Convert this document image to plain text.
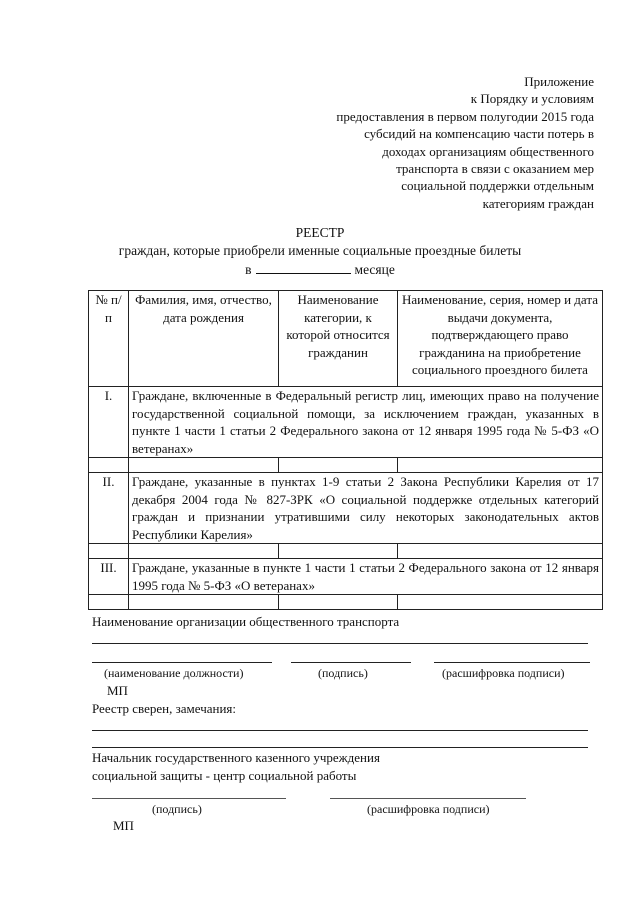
Приложение
к Порядку и условиям
предоставления в первом полугодии 2015 года
субсидий на компенсацию части потерь в
доходах организациям общественного
транспорта в связи с оказанием мер
социальной поддержки отдельным
категориям граждан
РЕЕСТР
граждан, которые приобрели именные социальные проездные билеты
в	месяце
№ п/п	Фамилия, имя, отчество, дата рождения	Наименование категории, к которой относится гражданин	Наименование, серия, номер и дата выдачи документа, подтверждающего право гражданина на приобретение социального проездного билета
I.	Граждане, включенные в Федеральный регистр лиц, имеющих право на получение государственной социальной помощи, за исключением граждан, указанных в пункте 1 части 1 статьи 2 Федерального закона от 12 января 1995 года № 5-ФЗ «О ветеранах»		

II.	Граждане, указанные в пунктах 1-9 статьи 2 Закона Республики Карелия от 17 декабря 2004 года № 827-ЗРК «О социальной поддержке отдельных категорий граждан и признании утратившими силу некоторых законодательных актов Республики Карелия»		

III.	Граждане, указанные в пункте 1 части 1 статьи 2 Федерального закона от 12 января 1995 года № 5-ФЗ «О ветеранах»		

Наименование организации общественного транспорта
(наименование должности)	(подпись)	(расшифровка подписи)
МП
Реестр сверен, замечания:
Начальник государственного казенного учреждения
социальной защиты - центр социальной работы
(подпись)	(расшифровка подписи)
МП
